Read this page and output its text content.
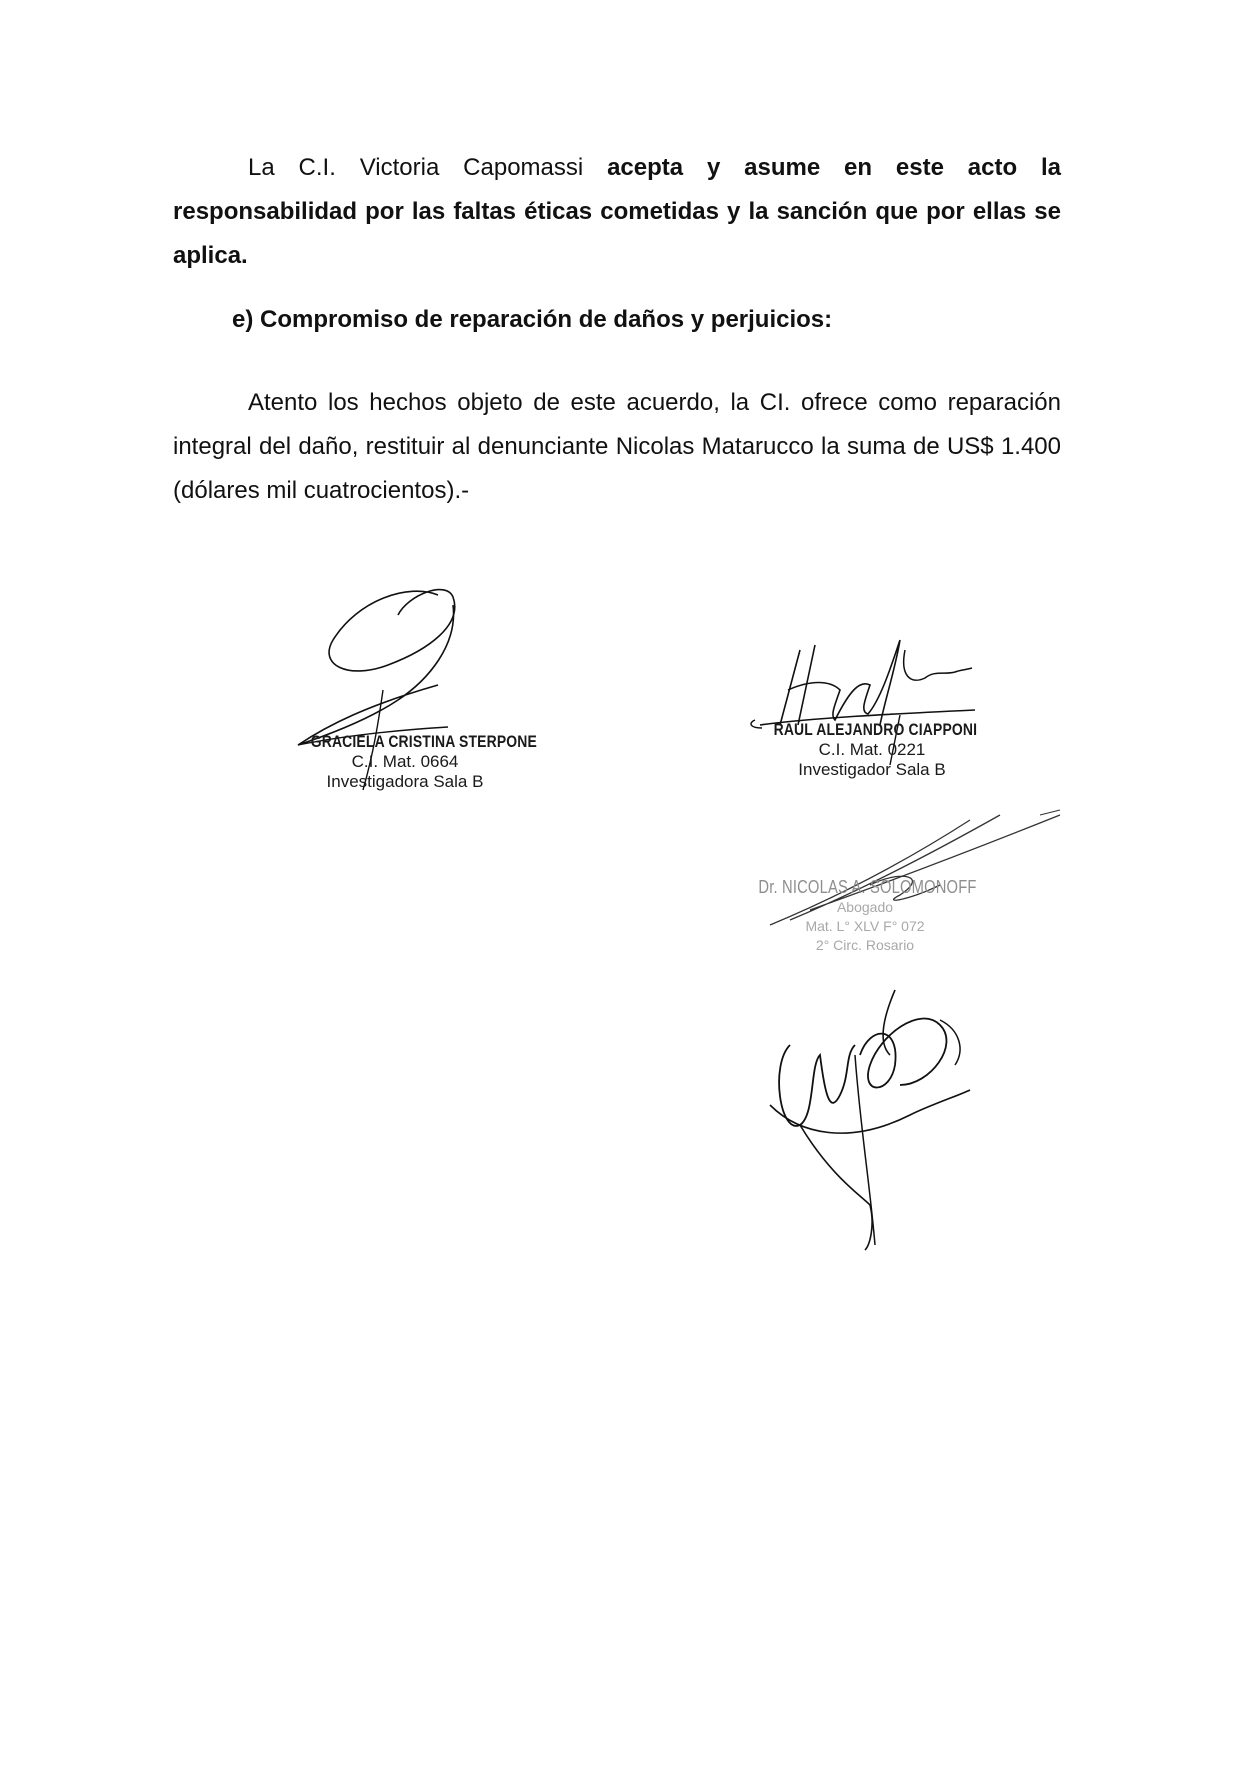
La C.I. Victoria Capomassi acepta y asume en este acto la responsabilidad por las faltas éticas cometidas y la sanción que por ellas se aplica.

e) Compromiso de reparación de daños y perjuicios:

Atento los hechos objeto de este acuerdo, la CI. ofrece como reparación integral del daño, restituir al denunciante Nicolas Matarucco la suma de US$ 1.400 (dólares mil cuatrocientos).-

GRACIELA CRISTINA STERPONE
C.I. Mat. 0664
Investigadora Sala B
RAÚL ALEJANDRO CIAPPONI
C.I. Mat. 0221
Investigador Sala B
Dr. NICOLAS A. SOLOMONOFF
Abogado
Mat. L° XLV F° 072
2° Circ. Rosario
